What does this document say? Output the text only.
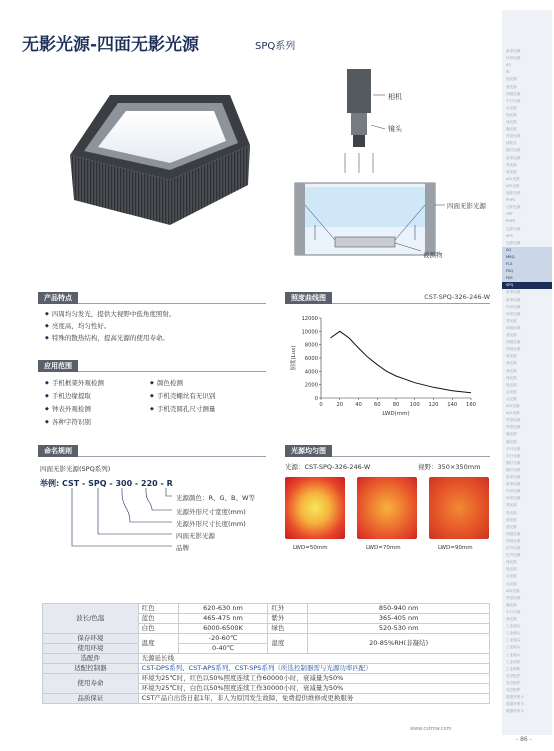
无影光源-四面无影光源	SPQ系列
相机
镜头
四面无影光源
被测物
产品特点
◆ 四周均匀发光，提供大视野中低角度照射。
◆ 亮度高，均匀性好。
◆ 特殊的散热结构，提高光源的使用寿命。
应用范围
◆ 手机框架外观检测
◆ 手机边缘提取
◆ 钟表外观检测
◆ 各种字符识别
◆ 颜色检测
◆ 手机壳螺丝有无识别
◆ 手机壳圆孔尺寸测量
照度曲线图	CST-SPQ-326-246-W
0
2000
4000
6000
8000
10000
12000
0	20 40 60 80 100 120 140 160
LWD(mm)
照度(Lux)
命名规则
四面无影光源(SPQ系列)
举例: CST - SPQ - 300 - 220 - R
光源颜色：R、G、B、W等
光源外形尺寸宽度(mm)
光源外形尺寸长度(mm)
四面无影光源
品牌
光源均匀图
光源：CST-SPQ-326-246-W	视野：350×350mm
LWD=50mm	LWD=70mm	LWD=90mm
波长/色温	红色	620-630 nm	红外	850-940 nm
	蓝色	465-475 nm	紫外	365-405 nm
	白色	6000-6500K	绿色	520-530 nm
保存环境	温度	-20-60℃	湿度	20-85%RH(非凝结)
使用环境		0-40℃		
选配件	光源延长线			
适配控制器	CST-DPS系列、CST-APS系列、CST-SPS系列（所选控制器需与光源功率匹配）			
使用寿命	环境为25℃时，红色以50%照度连续工作60000小时，衰减量为50%			
	环境为25℃时，白色以50%照度连续工作30000小时，衰减量为50%			
品质保证	CST产品自出货日起1年，非人为原因发生故障，免费提供维修或更换服务			
条形光源
环形光源
RS
RI
面光源
背光源
同轴光源
平行光源
点光源
线光源
线光源
碗光源
穹顶光源
球积分
图灯光源
条形光源
背光源
背光源
AOI光源
AOI光源
迷你光源
PHPS
无影光源
HPF
PHPS
无影光源
SPS
无影光源
SQ
MRQ
FLS
FSQ
FKS
SPQ
条形光源
条形光源
环形光源
环形光源
背光源
同轴光源
背光源
同轴光源
同轴光源
背光源
背光源
背光源
线光源
线光源
点光源
点光源
AOI光源
AOI光源
穹顶光源
穹顶光源
碗光源
碗光源
平行光源
平行光源
图灯光源
图灯光源
条形光源
条形光源
环形光源
环形光源
背光源
背光源
面光源
面光源
同轴光源
同轴光源
红外光源
红外光源
线光源
线光源
点光源
点光源
AOI光源
穹顶光源
碗光源
平行光源
背光源
工业镜头
工业镜头
工业镜头
工业镜头
工业镜头
工业相机
工业相机
光学配件
光学配件
光学配件
数据采集卡
数据采集卡
数据采集卡
www.cstmw.com
- 86 -
